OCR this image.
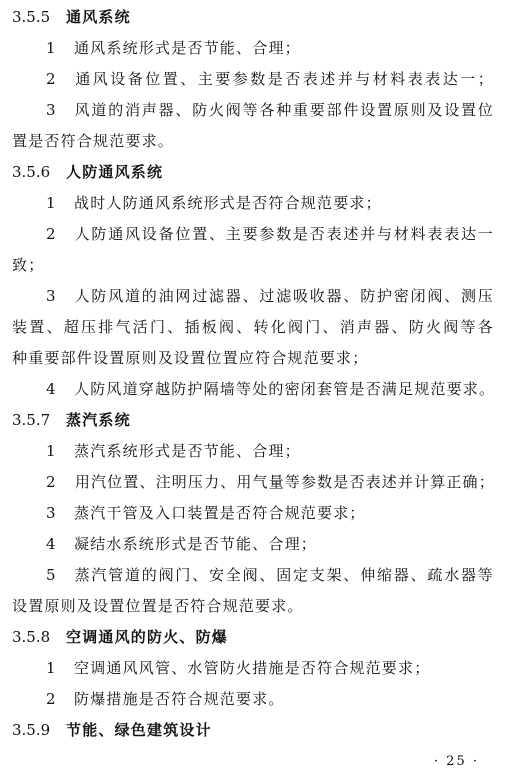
3.5.5 通风系统
1 通风系统形式是否节能、合理；
2 通风设备位置、主要参数是否表述并与材料表表达一；
3 风道的消声器、防火阀等各种重要部件设置原则及设置位
置是否符合规范要求。
3.5.6 人防通风系统
1 战时人防通风系统形式是否符合规范要求；
2 人防通风设备位置、主要参数是否表述并与材料表表达一
致；
3 人防风道的油网过滤器、过滤吸收器、防护密闭阀、测压
装置、超压排气活门、插板阀、转化阀门、消声器、防火阀等各
种重要部件设置原则及设置位置应符合规范要求；
4 人防风道穿越防护隔墙等处的密闭套管是否满足规范要求。
3.5.7 蒸汽系统
1 蒸汽系统形式是否节能、合理；
2 用汽位置、注明压力、用气量等参数是否表述并计算正确；
3 蒸汽干管及入口装置是否符合规范要求；
4 凝结水系统形式是否节能、合理；
5 蒸汽管道的阀门、安全阀、固定支架、伸缩器、疏水器等
设置原则及设置位置是否符合规范要求。
3.5.8 空调通风的防火、防爆
1 空调通风风管、水管防火措施是否符合规范要求；
2 防爆措施是否符合规范要求。
3.5.9 节能、绿色建筑设计
· 25 ·
